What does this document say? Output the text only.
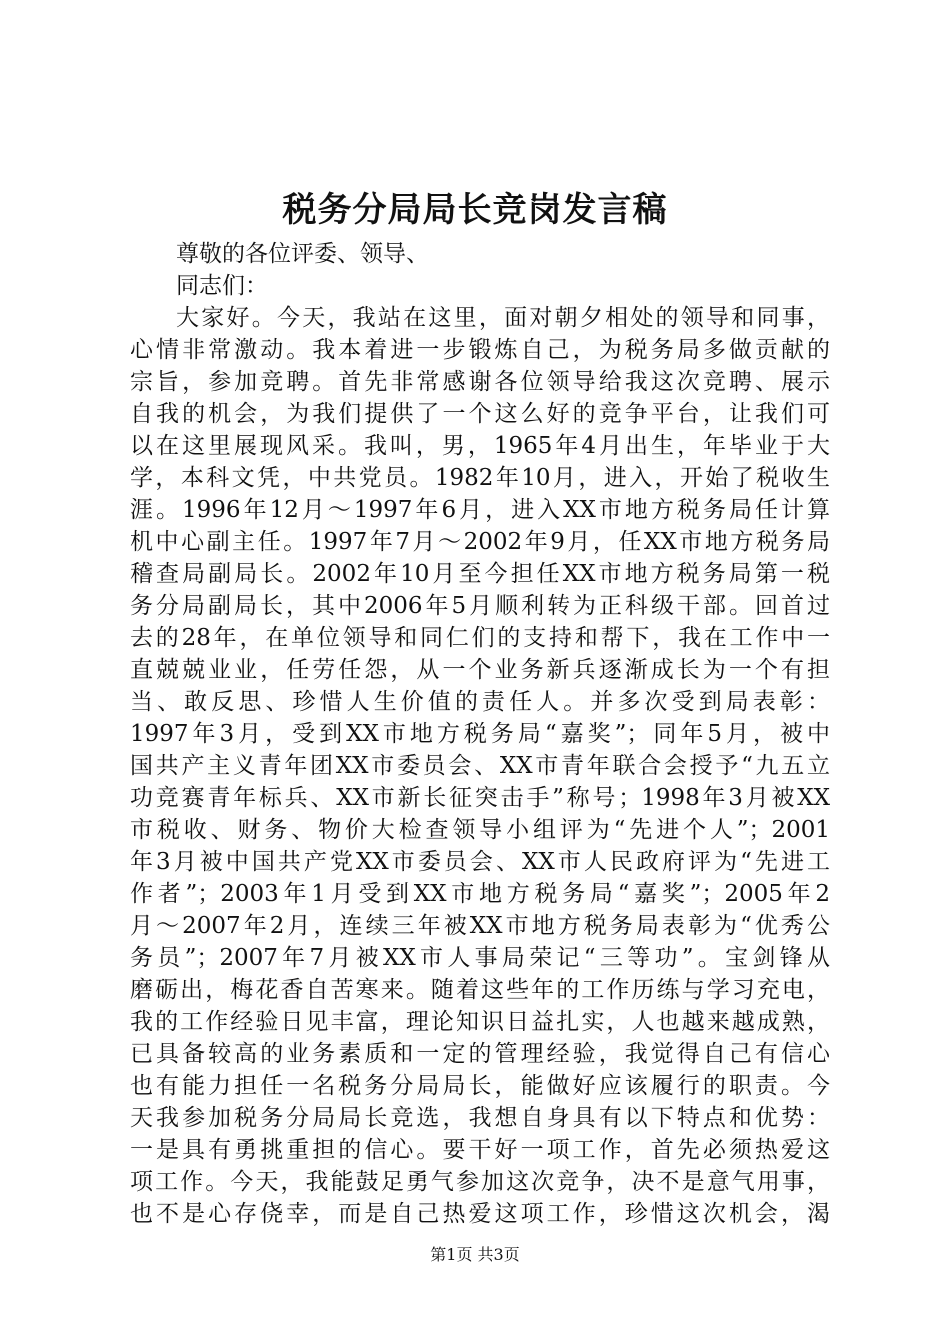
税务分局局长竞岗发言稿
尊敬的各位评委、领导、
同志们：
大家好。今天，我站在这里，面对朝夕相处的领导和同事，
心情非常激动。我本着进一步锻炼自己，为税务局多做贡献的
宗旨，参加竞聘。首先非常感谢各位领导给我这次竞聘、展示
自我的机会，为我们提供了一个这么好的竞争平台，让我们可
以在这里展现风采。我叫，男，1965年4月出生，年毕业于大
学，本科文凭，中共党员。1982年10月，进入，开始了税收生
涯。1996年12月～1997年6月，进入XX市地方税务局任计算
机中心副主任。1997年7月～2002年9月，任XX市地方税务局
稽查局副局长。2002年10月至今担任XX市地方税务局第一税
务分局副局长，其中2006年5月顺利转为正科级干部。回首过
去的28年，在单位领导和同仁们的支持和帮下，我在工作中一
直兢兢业业，任劳任怨，从一个业务新兵逐渐成长为一个有担
当、敢反思、珍惜人生价值的责任人。并多次受到局表彰：
1997年3月，受到XX市地方税务局“嘉奖”；同年5月，被中
国共产主义青年团XX市委员会、XX市青年联合会授予“九五立
功竞赛青年标兵、XX市新长征突击手”称号；1998年3月被XX
市税收、财务、物价大检查领导小组评为“先进个人”；2001
年3月被中国共产党XX市委员会、XX市人民政府评为“先进工
作者”；2003年1月受到XX市地方税务局“嘉奖”；2005年2
月～2007年2月，连续三年被XX市地方税务局表彰为“优秀公
务员”；2007年7月被XX市人事局荣记“三等功”。宝剑锋从
磨砺出，梅花香自苦寒来。随着这些年的工作历练与学习充电，
我的工作经验日见丰富，理论知识日益扎实，人也越来越成熟，
已具备较高的业务素质和一定的管理经验，我觉得自己有信心
也有能力担任一名税务分局局长，能做好应该履行的职责。今
天我参加税务分局局长竞选，我想自身具有以下特点和优势：
一是具有勇挑重担的信心。要干好一项工作，首先必须热爱这
项工作。今天，我能鼓足勇气参加这次竞争，决不是意气用事，
也不是心存侥幸，而是自己热爱这项工作，珍惜这次机会，渴
第1页 共3页
